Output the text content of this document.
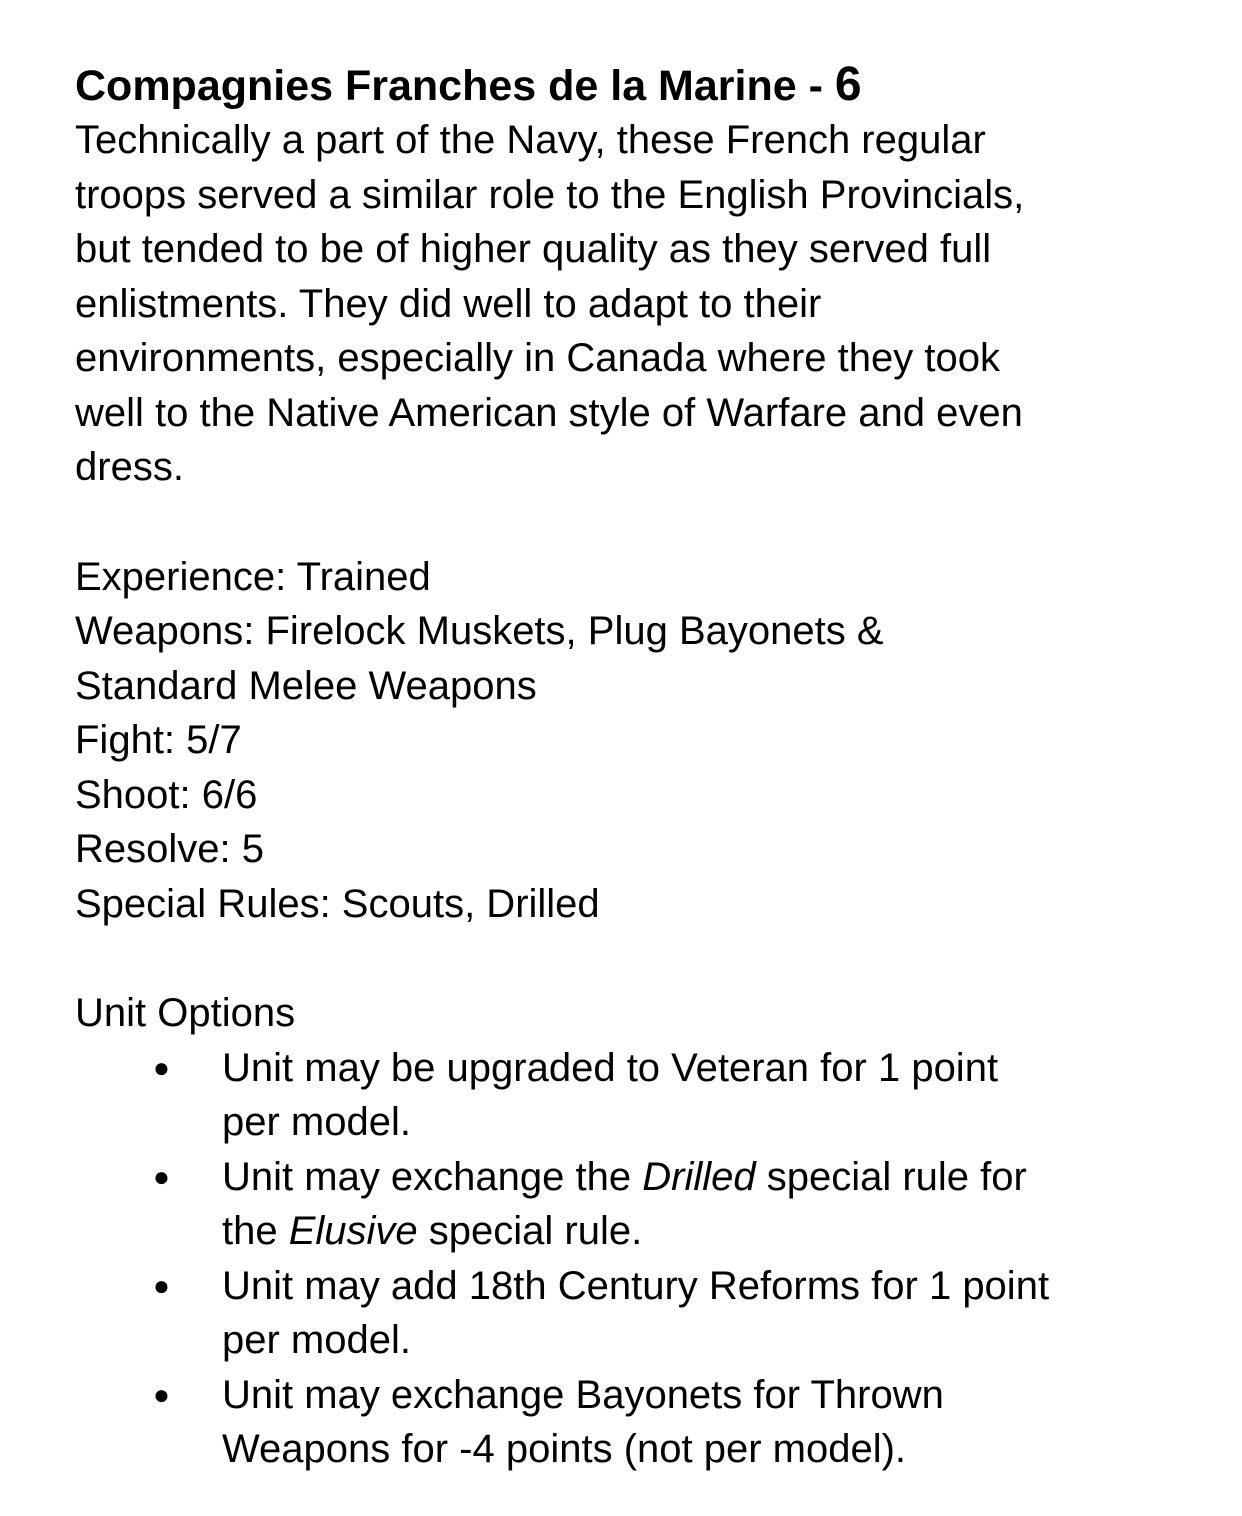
Compagnies Franches de la Marine - 6

Technically a part of the Navy, these French regular
troops served a similar role to the English Provincials,
but tended to be of higher quality as they served full
enlistments. They did well to adapt to their
environments, especially in Canada where they took
well to the Native American style of Warfare and even
dress.

Experience: Trained
Weapons: Firelock Muskets, Plug Bayonets &
Standard Melee Weapons
Fight: 5/7
Shoot: 6/6
Resolve: 5
Special Rules: Scouts, Drilled

Unit Options

● Unit may be upgraded to Veteran for 1 point
per model.
● Unit may exchange the Drilled special rule for
the Elusive special rule.
● Unit may add 18th Century Reforms for 1 point
per model.
● Unit may exchange Bayonets for Thrown
Weapons for -4 points (not per model).
